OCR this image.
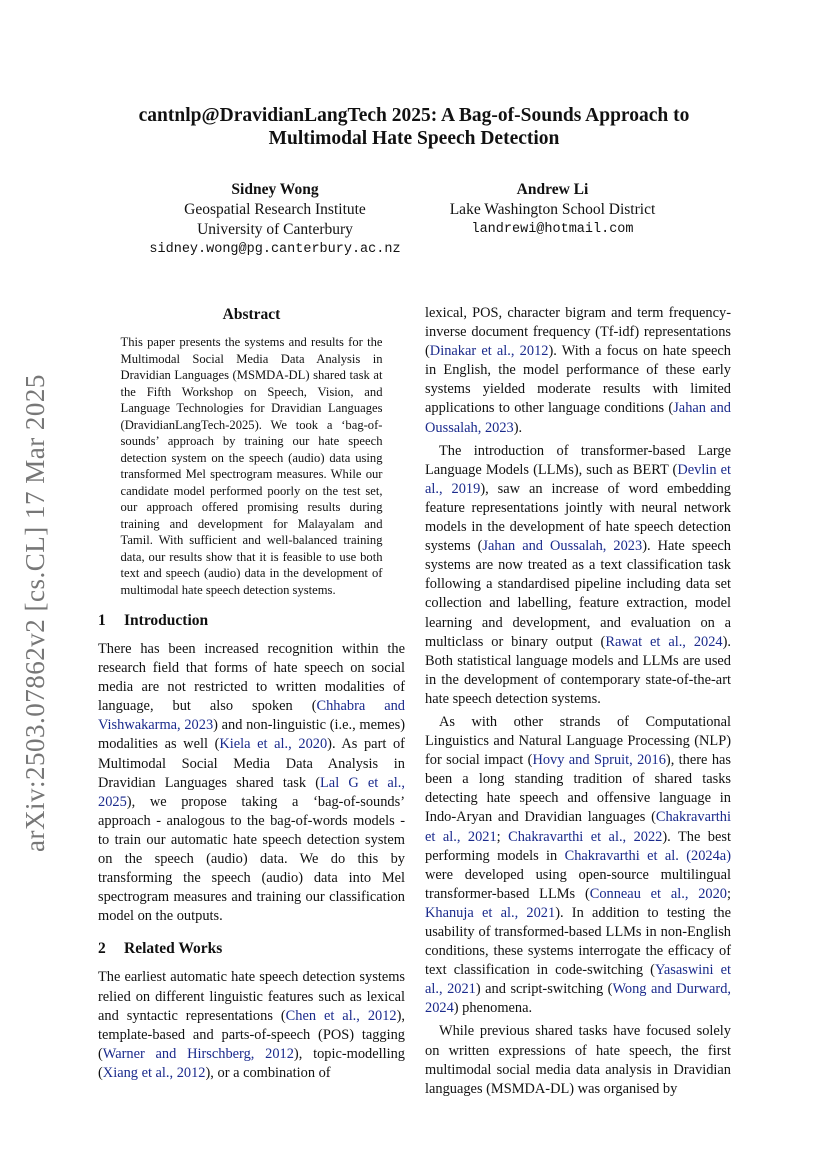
arXiv:2503.07862v2 [cs.CL] 17 Mar 2025
cantnlp@DravidianLangTech 2025: A Bag-of-Sounds Approach to Multimodal Hate Speech Detection
Sidney Wong
Geospatial Research Institute
University of Canterbury
sidney.wong@pg.canterbury.ac.nz
Andrew Li
Lake Washington School District
landrewi@hotmail.com
Abstract
This paper presents the systems and results for the Multimodal Social Media Data Analysis in Dravidian Languages (MSMDA-DL) shared task at the Fifth Workshop on Speech, Vision, and Language Technologies for Dravidian Languages (DravidianLangTech-2025). We took a ‘bag-of-sounds’ approach by training our hate speech detection system on the speech (audio) data using transformed Mel spectrogram measures. While our candidate model performed poorly on the test set, our approach offered promising results during training and development for Malayalam and Tamil. With sufficient and well-balanced training data, our results show that it is feasible to use both text and speech (audio) data in the development of multimodal hate speech detection systems.
1 Introduction

There has been increased recognition within the research field that forms of hate speech on social media are not restricted to written modalities of language, but also spoken (Chhabra and Vishwakarma, 2023) and non-linguistic (i.e., memes) modalities as well (Kiela et al., 2020). As part of Multimodal Social Media Data Analysis in Dravidian Languages shared task (Lal G et al., 2025), we propose taking a ‘bag-of-sounds’ approach - analogous to the bag-of-words models - to train our automatic hate speech detection system on the speech (audio) data. We do this by transforming the speech (audio) data into Mel spectrogram measures and training our classification model on the outputs.

2 Related Works

The earliest automatic hate speech detection systems relied on different linguistic features such as lexical and syntactic representations (Chen et al., 2012), template-based and parts-of-speech (POS) tagging (Warner and Hirschberg, 2012), topic-modelling (Xiang et al., 2012), or a combination of

lexical, POS, character bigram and term frequency-inverse document frequency (Tf-idf) representations (Dinakar et al., 2012). With a focus on hate speech in English, the model performance of these early systems yielded moderate results with limited applications to other language conditions (Jahan and Oussalah, 2023).

The introduction of transformer-based Large Language Models (LLMs), such as BERT (Devlin et al., 2019), saw an increase of word embedding feature representations jointly with neural network models in the development of hate speech detection systems (Jahan and Oussalah, 2023). Hate speech systems are now treated as a text classification task following a standardised pipeline including data set collection and labelling, feature extraction, model learning and development, and evaluation on a multiclass or binary output (Rawat et al., 2024). Both statistical language models and LLMs are used in the development of contemporary state-of-the-art hate speech detection systems.

As with other strands of Computational Linguistics and Natural Language Processing (NLP) for social impact (Hovy and Spruit, 2016), there has been a long standing tradition of shared tasks detecting hate speech and offensive language in Indo-Aryan and Dravidian languages (Chakravarthi et al., 2021; Chakravarthi et al., 2022). The best performing models in Chakravarthi et al. (2024a) were developed using open-source multilingual transformer-based LLMs (Conneau et al., 2020; Khanuja et al., 2021). In addition to testing the usability of transformed-based LLMs in non-English conditions, these systems interrogate the efficacy of text classification in code-switching (Yasaswini et al., 2021) and script-switching (Wong and Durward, 2024) phenomena.

While previous shared tasks have focused solely on written expressions of hate speech, the first multimodal social media data analysis in Dravidian languages (MSMDA-DL) was organised by
